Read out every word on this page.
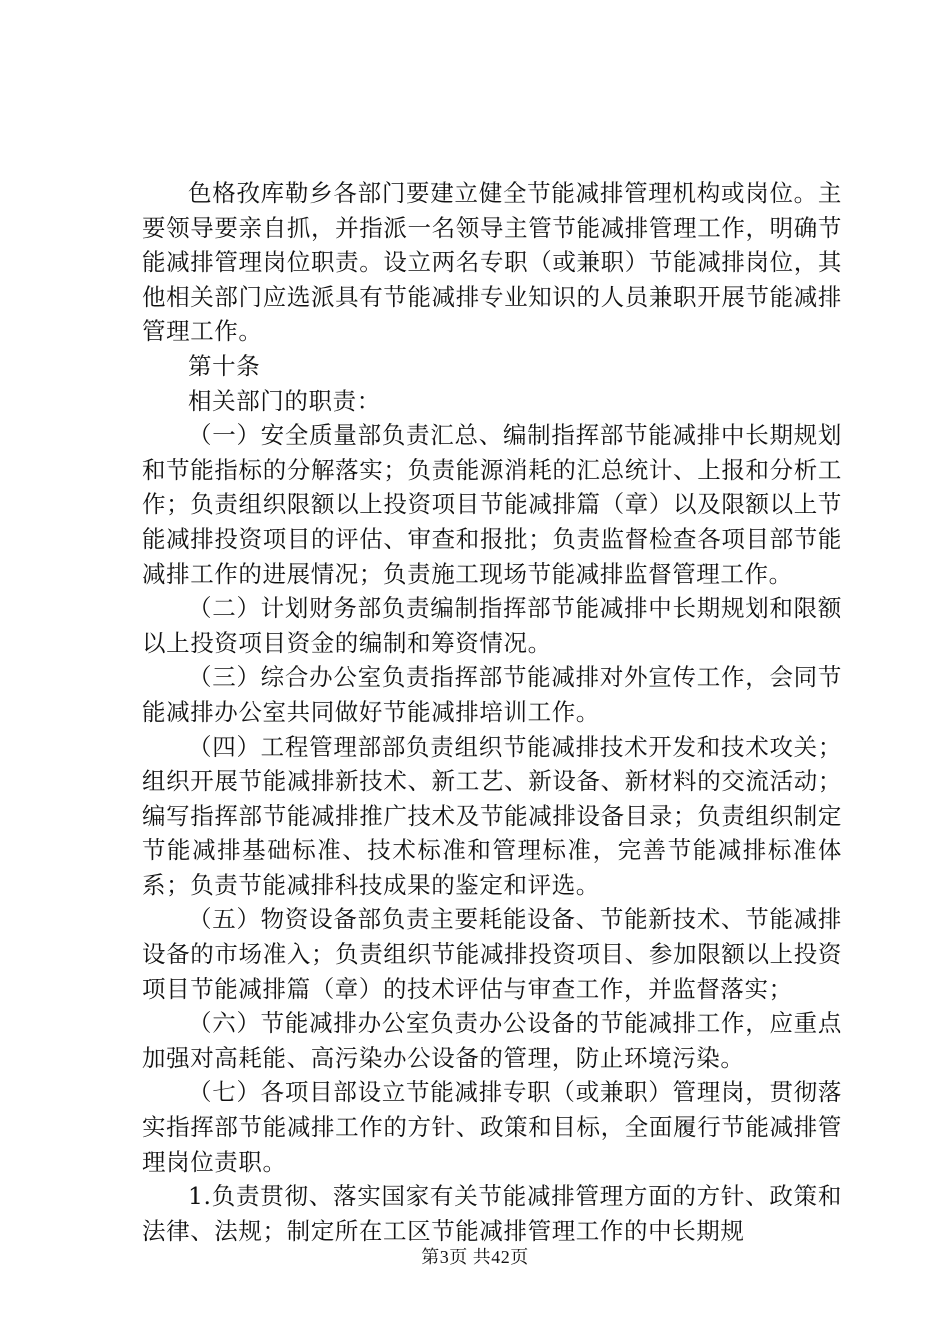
色格孜库勒乡各部门要建立健全节能减排管理机构或岗位。主要领导要亲自抓，并指派一名领导主管节能减排管理工作，明确节能减排管理岗位职责。设立两名专职（或兼职）节能减排岗位，其他相关部门应选派具有节能减排专业知识的人员兼职开展节能减排管理工作。

第十条

相关部门的职责：

（一）安全质量部负责汇总、编制指挥部节能减排中长期规划和节能指标的分解落实；负责能源消耗的汇总统计、上报和分析工作；负责组织限额以上投资项目节能减排篇（章）以及限额以上节能减排投资项目的评估、审查和报批；负责监督检查各项目部节能减排工作的进展情况；负责施工现场节能减排监督管理工作。

（二）计划财务部负责编制指挥部节能减排中长期规划和限额以上投资项目资金的编制和筹资情况。

（三）综合办公室负责指挥部节能减排对外宣传工作，会同节能减排办公室共同做好节能减排培训工作。

（四）工程管理部部负责组织节能减排技术开发和技术攻关；组织开展节能减排新技术、新工艺、新设备、新材料的交流活动；编写指挥部节能减排推广技术及节能减排设备目录；负责组织制定节能减排基础标准、技术标准和管理标准，完善节能减排标准体系；负责节能减排科技成果的鉴定和评选。

（五）物资设备部负责主要耗能设备、节能新技术、节能减排设备的市场准入；负责组织节能减排投资项目、参加限额以上投资项目节能减排篇（章）的技术评估与审查工作，并监督落实；

（六）节能减排办公室负责办公设备的节能减排工作，应重点加强对高耗能、高污染办公设备的管理，防止环境污染。

（七）各项目部设立节能减排专职（或兼职）管理岗，贯彻落实指挥部节能减排工作的方针、政策和目标，全面履行节能减排管理岗位责职。

1.负责贯彻、落实国家有关节能减排管理方面的方针、政策和法律、法规；制定所在工区节能减排管理工作的中长期规

第3页 共42页
